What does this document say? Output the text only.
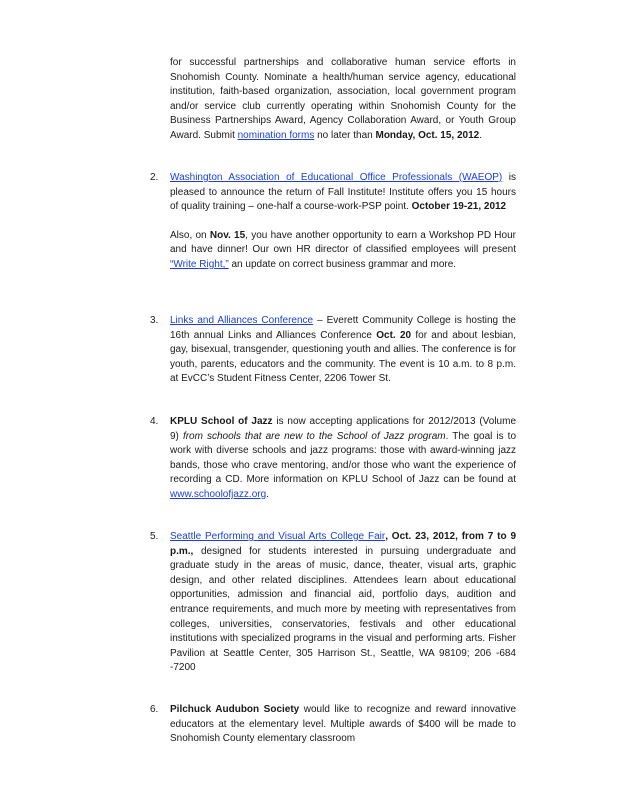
for successful partnerships and collaborative human service efforts in Snohomish County. Nominate a health/human service agency, educational institution, faith-based organization, association, local government program and/or service club currently operating within Snohomish County for the Business Partnerships Award, Agency Collaboration Award, or Youth Group Award. Submit nomination forms no later than Monday, Oct. 15, 2012.
2.	Washington Association of Educational Office Professionals (WAEOP) is pleased to announce the return of Fall Institute! Institute offers you 15 hours of quality training – one-half a course-work-PSP point. October 19-21, 2012

Also, on Nov. 15, you have another opportunity to earn a Workshop PD Hour and have dinner! Our own HR director of classified employees will present “Write Right,” an update on correct business grammar and more.

3.	Links and Alliances Conference – Everett Community College is hosting the 16th annual Links and Alliances Conference Oct. 20 for and about lesbian, gay, bisexual, transgender, questioning youth and allies. The conference is for youth, parents, educators and the community. The event is 10 a.m. to 8 p.m. at EvCC’s Student Fitness Center, 2206 Tower St.

4.	KPLU School of Jazz is now accepting applications for 2012/2013 (Volume 9) from schools that are new to the School of Jazz program. The goal is to work with diverse schools and jazz programs: those with award-winning jazz bands, those who crave mentoring, and/or those who want the experience of recording a CD. More information on KPLU School of Jazz can be found at www.schoolofjazz.org.

5.	Seattle Performing and Visual Arts College Fair, Oct. 23, 2012, from 7 to 9 p.m., designed for students interested in pursuing undergraduate and graduate study in the areas of music, dance, theater, visual arts, graphic design, and other related disciplines. Attendees learn about educational opportunities, admission and financial aid, portfolio days, audition and entrance requirements, and much more by meeting with representatives from colleges, universities, conservatories, festivals and other educational institutions with specialized programs in the visual and performing arts. Fisher Pavilion at Seattle Center, 305 Harrison St., Seattle, WA 98109; 206 -684 -7200

6.	Pilchuck Audubon Society would like to recognize and reward innovative educators at the elementary level. Multiple awards of $400 will be made to Snohomish County elementary classroom
